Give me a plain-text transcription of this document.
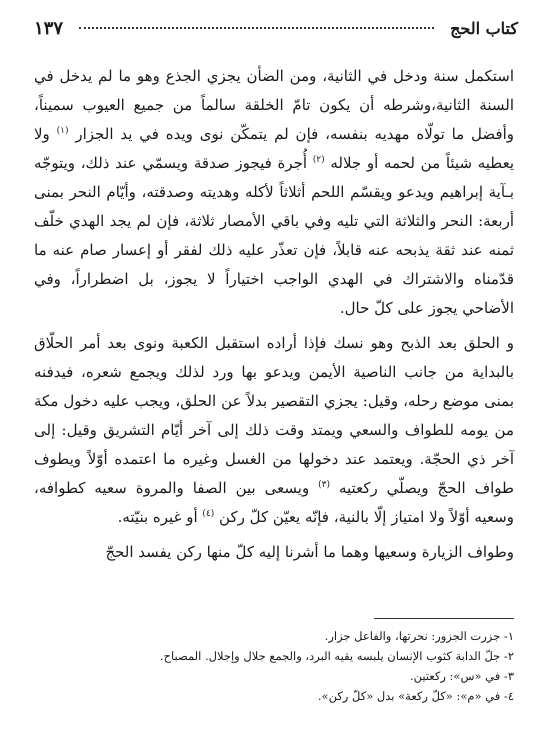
كتاب الحج
١٣٧

استكمل سنة ودخل في الثانية، ومن الضأن يجزي الجذع وهو ما لم يدخل في السنة الثانية،وشرطه أن يكون تامّ الخلقة سالماً من جميع العيوب سميناً، وأفضل ما تولّاه مهديه بنفسه، فإن لم يتمكّن نوى ويده في يد الجزار $^{(١)}$ ولا يعطيه شيئاً من لحمه أو جلاله $^{(٢)}$ أُجرة فيجوز صدقة ويسمّي عند ذلك، ويتوجّه بـآية إبراهيم ويدعو ويقسّم اللحم أثلاثاً لأكله وهديته وصدقته، وأيّام النحر بمنى أربعة: النحر والثلاثة التي تليه وفي باقي الأمصار ثلاثة، فإن لم يجد الهدي خلّف ثمنه عند ثقة يذبحه عنه قابلاً، فإن تعذّر عليه ذلك لفقر أو إعسار صام عنه ما قدّمناه والاشتراك في الهدي الواجب اختياراً لا يجوز، بل اضطراراً، وفي الأضاحي يجوز على كلّ حال.

و الحلق بعد الذبح وهو نسك فإذا أراده استقبل الكعبة ونوى بعد أمر الحلّاق بالبداية من جانب الناصية الأيمن ويدعو بها ورد لذلك ويجمع شعره، فيدفنه بمنى موضع رحله، وقيل: يجزي التقصير بدلاً عن الحلق، ويجب عليه دخول مكة من يومه للطواف والسعي ويمتد وقت ذلك إلى آخر أيّام التشريق وقيل: إلى آخر ذي الحجّة. ويعتمد عند دخولها من الغسل وغيره ما اعتمده أوّلاً ويطوف طواف الحجّ ويصلّي ركعتيه $^{(٣)}$ ويسعى بين الصفا والمروة سعيه كطوافه، وسعيه أوّلاً ولا امتياز إلّا بالنية، فإنّه يعيّن كلّ ركن $^{(٤)}$ أو غيره بنيّته.

وطواف الزيارة وسعيها وهما ما أشرنا إليه كلّ منها ركن يفسد الحجّ

١- جزرت الجزور: نحرتها، والفاعل جزار.

٢- جلّ الدابة كثوب الإنسان يلبسه يقيه البرد، والجمع جلال وإجلال. المصباح.

٣- في «س»: ركعتين.

٤- في «م»: «كلّ ركعة» بدل «كلّ ركن».
